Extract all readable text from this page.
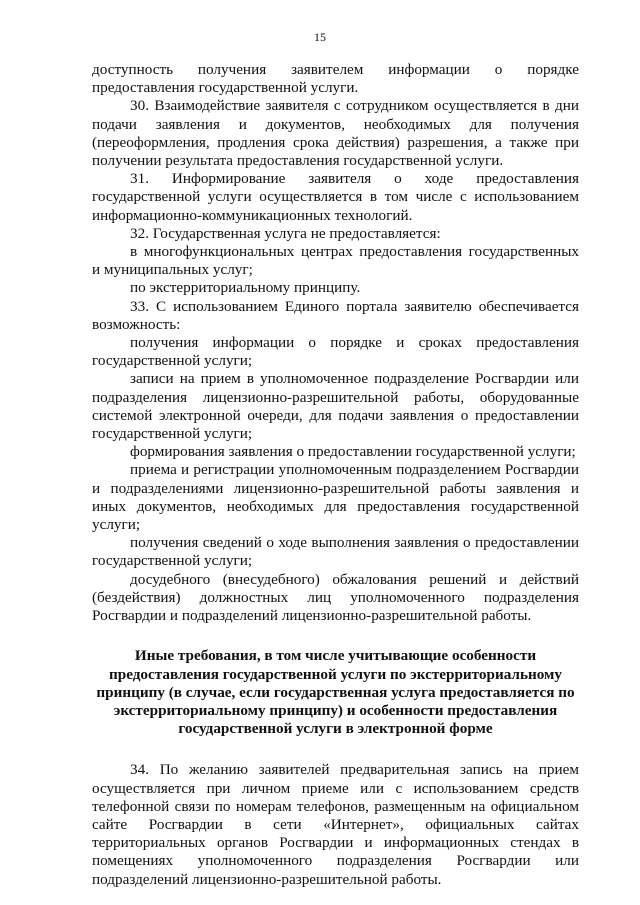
15

доступность получения заявителем информации о порядке предоставления государственной услуги.

30. Взаимодействие заявителя с сотрудником осуществляется в дни подачи заявления и документов, необходимых для получения (переоформления, продления срока действия) разрешения, а также при получении результата предоставления государственной услуги.

31. Информирование заявителя о ходе предоставления государственной услуги осуществляется в том числе с использованием информационно-коммуникационных технологий.

32. Государственная услуга не предоставляется:

в многофункциональных центрах предоставления государственных и муниципальных услуг;

по экстерриториальному принципу.

33. С использованием Единого портала заявителю обеспечивается возможность:

получения информации о порядке и сроках предоставления государственной услуги;

записи на прием в уполномоченное подразделение Росгвардии или подразделения лицензионно-разрешительной работы, оборудованные системой электронной очереди, для подачи заявления о предоставлении государственной услуги;

формирования заявления о предоставлении государственной услуги;

приема и регистрации уполномоченным подразделением Росгвардии и подразделениями лицензионно-разрешительной работы заявления и иных документов, необходимых для предоставления государственной услуги;

получения сведений о ходе выполнения заявления о предоставлении государственной услуги;

досудебного (внесудебного) обжалования решений и действий (бездействия) должностных лиц уполномоченного подразделения Росгвардии и подразделений лицензионно-разрешительной работы.

Иные требования, в том числе учитывающие особенности предоставления государственной услуги по экстерриториальному принципу (в случае, если государственная услуга предоставляется по экстерриториальному принципу) и особенности предоставления государственной услуги в электронной форме

34. По желанию заявителей предварительная запись на прием осуществляется при личном приеме или с использованием средств телефонной связи по номерам телефонов, размещенным на официальном сайте Росгвардии в сети «Интернет», официальных сайтах территориальных органов Росгвардии и информационных стендах в помещениях уполномоченного подразделения Росгвардии или подразделений лицензионно-разрешительной работы.
